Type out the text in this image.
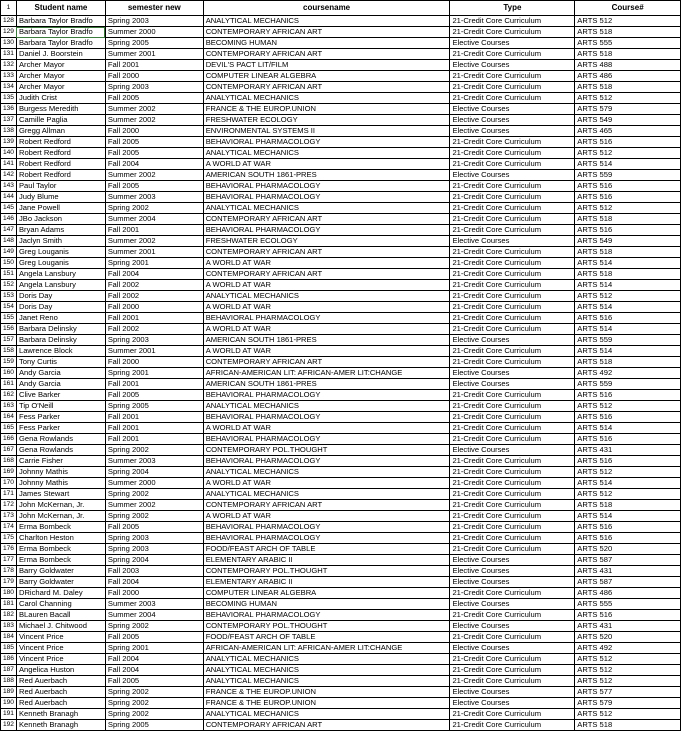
1	Student name	semester new	coursename	Type	Course#
128	Barbara Taylor Bradfo	Spring 2003	ANALYTICAL MECHANICS	21-Credit Core Curriculum	ARTS 512
129	Barbara Taylor Bradfo	Summer 2000	CONTEMPORARY AFRICAN ART	21-Credit Core Curriculum	ARTS 518
130	Barbara Taylor Bradfo	Spring 2005	BECOMING HUMAN	Elective Courses	ARTS 555
131	Daniel J. Boorstein	Summer 2001	CONTEMPORARY AFRICAN ART	21-Credit Core Curriculum	ARTS 518
132	Archer Mayor	Fall 2001	DEVIL'S PACT LIT/FILM	Elective Courses	ARTS 488
133	Archer Mayor	Fall 2000	COMPUTER LINEAR ALGEBRA	21-Credit Core Curriculum	ARTS 486
134	Archer Mayor	Spring 2003	CONTEMPORARY AFRICAN ART	21-Credit Core Curriculum	ARTS 518
135	Judith Crist	Fall 2005	ANALYTICAL MECHANICS	21-Credit Core Curriculum	ARTS 512
136	Burgess Meredith	Summer 2002	FRANCE & THE EUROP.UNION	Elective Courses	ARTS 579
137	Camille Paglia	Summer 2002	FRESHWATER ECOLOGY	Elective Courses	ARTS 549
138	Gregg Allman	Fall 2000	ENVIRONMENTAL SYSTEMS II	Elective Courses	ARTS 465
139	Robert Redford	Fall 2005	BEHAVIORAL PHARMACOLOGY	21-Credit Core Curriculum	ARTS 516
140	Robert Redford	Fall 2005	ANALYTICAL MECHANICS	21-Credit Core Curriculum	ARTS 512
141	Robert Redford	Fall 2004	A WORLD AT WAR	21-Credit Core Curriculum	ARTS 514
142	Robert Redford	Summer 2002	AMERICAN SOUTH 1861-PRES	Elective Courses	ARTS 559
143	Paul Taylor	Fall 2005	BEHAVIORAL PHARMACOLOGY	21-Credit Core Curriculum	ARTS 516
144	Judy Blume	Summer 2003	BEHAVIORAL PHARMACOLOGY	21-Credit Core Curriculum	ARTS 516
145	Jane Powell	Spring 2002	ANALYTICAL MECHANICS	21-Credit Core Curriculum	ARTS 512
146	JBo Jackson	Summer 2004	CONTEMPORARY AFRICAN ART	21-Credit Core Curriculum	ARTS 518
147	Bryan Adams	Fall 2001	BEHAVIORAL PHARMACOLOGY	21-Credit Core Curriculum	ARTS 516
148	Jaclyn Smith	Summer 2002	FRESHWATER ECOLOGY	Elective Courses	ARTS 549
149	Greg Louganis	Summer 2001	CONTEMPORARY AFRICAN ART	21-Credit Core Curriculum	ARTS 518
150	Greg Louganis	Spring 2001	A WORLD AT WAR	21-Credit Core Curriculum	ARTS 514
151	Angela Lansbury	Fall 2004	CONTEMPORARY AFRICAN ART	21-Credit Core Curriculum	ARTS 518
152	Angela Lansbury	Fall 2002	A WORLD AT WAR	21-Credit Core Curriculum	ARTS 514
153	Doris Day	Fall 2002	ANALYTICAL MECHANICS	21-Credit Core Curriculum	ARTS 512
154	Doris Day	Fall 2000	A WORLD AT WAR	21-Credit Core Curriculum	ARTS 514
155	Janet Reno	Fall 2001	BEHAVIORAL PHARMACOLOGY	21-Credit Core Curriculum	ARTS 516
156	Barbara Delinsky	Fall 2002	A WORLD AT WAR	21-Credit Core Curriculum	ARTS 514
157	Barbara Delinsky	Spring 2003	AMERICAN SOUTH 1861-PRES	Elective Courses	ARTS 559
158	Lawrence Block	Summer 2001	A WORLD AT WAR	21-Credit Core Curriculum	ARTS 514
159	Tony Curtis	Fall 2000	CONTEMPORARY AFRICAN ART	21-Credit Core Curriculum	ARTS 518
160	Andy Garcia	Spring 2001	AFRICAN-AMERICAN LIT: AFRICAN-AMER LIT:CHANGE	Elective Courses	ARTS 492
161	Andy Garcia	Fall 2001	AMERICAN SOUTH 1861-PRES	Elective Courses	ARTS 559
162	Clive Barker	Fall 2005	BEHAVIORAL PHARMACOLOGY	21-Credit Core Curriculum	ARTS 516
163	Tip O'Neill	Spring 2005	ANALYTICAL MECHANICS	21-Credit Core Curriculum	ARTS 512
164	Fess Parker	Fall 2001	BEHAVIORAL PHARMACOLOGY	21-Credit Core Curriculum	ARTS 516
165	Fess Parker	Fall 2001	A WORLD AT WAR	21-Credit Core Curriculum	ARTS 514
166	Gena Rowlands	Fall 2001	BEHAVIORAL PHARMACOLOGY	21-Credit Core Curriculum	ARTS 516
167	Gena Rowlands	Spring 2002	CONTEMPORARY POL.THOUGHT	Elective Courses	ARTS 431
168	Carrie Fisher	Summer 2003	BEHAVIORAL PHARMACOLOGY	21-Credit Core Curriculum	ARTS 516
169	Johnny Mathis	Spring 2004	ANALYTICAL MECHANICS	21-Credit Core Curriculum	ARTS 512
170	Johnny Mathis	Summer 2000	A WORLD AT WAR	21-Credit Core Curriculum	ARTS 514
171	James Stewart	Spring 2002	ANALYTICAL MECHANICS	21-Credit Core Curriculum	ARTS 512
172	John McKernan, Jr.	Summer 2002	CONTEMPORARY AFRICAN ART	21-Credit Core Curriculum	ARTS 518
173	John McKernan, Jr.	Spring 2002	A WORLD AT WAR	21-Credit Core Curriculum	ARTS 514
174	Erma Bombeck	Fall 2005	BEHAVIORAL PHARMACOLOGY	21-Credit Core Curriculum	ARTS 516
175	Charlton Heston	Spring 2003	BEHAVIORAL PHARMACOLOGY	21-Credit Core Curriculum	ARTS 516
176	Erma Bombeck	Spring 2003	FOOD/FEAST ARCH OF TABLE	21-Credit Core Curriculum	ARTS 520
177	Erma Bombeck	Spring 2004	ELEMENTARY ARABIC II	Elective Courses	ARTS 587
178	Barry Goldwater	Fall 2003	CONTEMPORARY POL.THOUGHT	Elective Courses	ARTS 431
179	Barry Goldwater	Fall 2004	ELEMENTARY ARABIC II	Elective Courses	ARTS 587
180	DRichard M. Daley	Fall 2000	COMPUTER LINEAR ALGEBRA	21-Credit Core Curriculum	ARTS 486
181	Carol Channing	Summer 2003	BECOMING HUMAN	Elective Courses	ARTS 555
182	BLauren Bacall	Summer 2004	BEHAVIORAL PHARMACOLOGY	21-Credit Core Curriculum	ARTS 516
183	Michael J. Chitwood	Spring 2002	CONTEMPORARY POL.THOUGHT	Elective Courses	ARTS 431
184	Vincent Price	Fall 2005	FOOD/FEAST ARCH OF TABLE	21-Credit Core Curriculum	ARTS 520
185	Vincent Price	Spring 2001	AFRICAN-AMERICAN LIT: AFRICAN-AMER LIT:CHANGE	Elective Courses	ARTS 492
186	Vincent Price	Fall 2004	ANALYTICAL MECHANICS	21-Credit Core Curriculum	ARTS 512
187	Angelica Huston	Fall 2004	ANALYTICAL MECHANICS	21-Credit Core Curriculum	ARTS 512
188	Red Auerbach	Fall 2005	ANALYTICAL MECHANICS	21-Credit Core Curriculum	ARTS 512
189	Red Auerbach	Spring 2002	FRANCE & THE EUROP.UNION	Elective Courses	ARTS 577
190	Red Auerbach	Spring 2002	FRANCE & THE EUROP.UNION	Elective Courses	ARTS 579
191	Kenneth Branagh	Spring 2002	ANALYTICAL MECHANICS	21-Credit Core Curriculum	ARTS 512
192	Kenneth Branagh	Spring 2005	CONTEMPORARY AFRICAN ART	21-Credit Core Curriculum	ARTS 518
